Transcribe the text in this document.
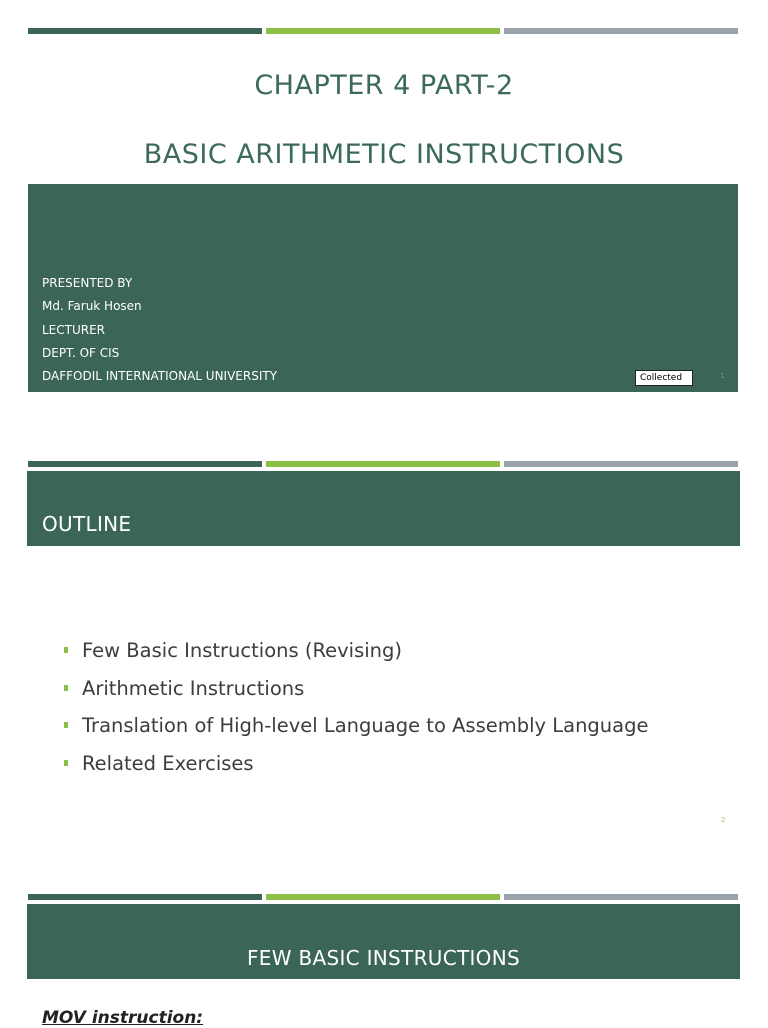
CHAPTER 4 PART-2
BASIC ARITHMETIC INSTRUCTIONS
PRESENTED BY
Md. Faruk Hosen
LECTURER
DEPT. OF CIS
DAFFODIL INTERNATIONAL UNIVERSITY	Collected	1
OUTLINE
Few Basic Instructions (Revising)
Arithmetic Instructions
Translation of High-level Language to Assembly Language
Related Exercises
2
FEW BASIC INSTRUCTIONS
MOV instruction:
